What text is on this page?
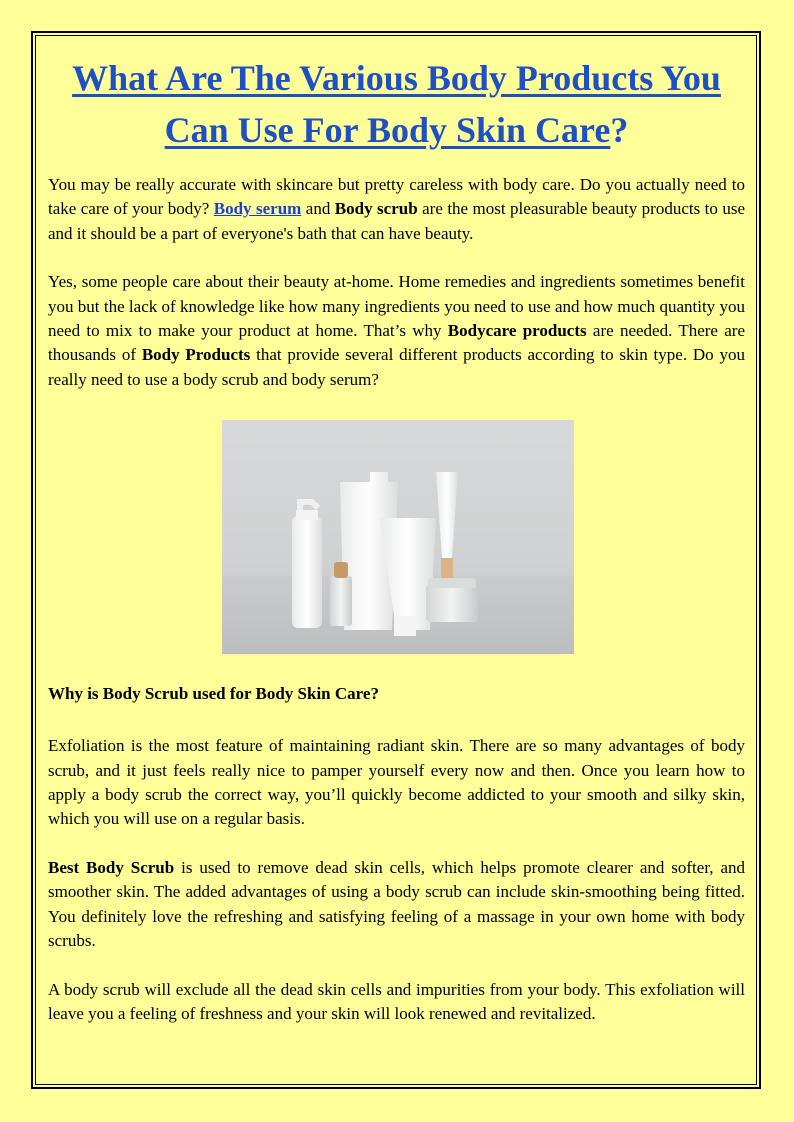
What Are The Various Body Products You
Can Use For Body Skin Care?

You may be really accurate with skincare but pretty careless with body care. Do you actually need to take care of your body? Body serum and Body scrub are the most pleasurable beauty products to use and it should be a part of everyone's bath that can have beauty.

Yes, some people care about their beauty at-home. Home remedies and ingredients sometimes benefit you but the lack of knowledge like how many ingredients you need to use and how much quantity you need to mix to make your product at home. That’s why Bodycare products are needed. There are thousands of Body Products that provide several different products according to skin type. Do you really need to use a body scrub and body serum?

Why is Body Scrub used for Body Skin Care?

Exfoliation is the most feature of maintaining radiant skin. There are so many advantages of body scrub, and it just feels really nice to pamper yourself every now and then. Once you learn how to apply a body scrub the correct way, you’ll quickly become addicted to your smooth and silky skin, which you will use on a regular basis.

Best Body Scrub is used to remove dead skin cells, which helps promote clearer and softer, and smoother skin. The added advantages of using a body scrub can include skin-smoothing being fitted. You definitely love the refreshing and satisfying feeling of a massage in your own home with body scrubs.

A body scrub will exclude all the dead skin cells and impurities from your body. This exfoliation will leave you a feeling of freshness and your skin will look renewed and revitalized.
